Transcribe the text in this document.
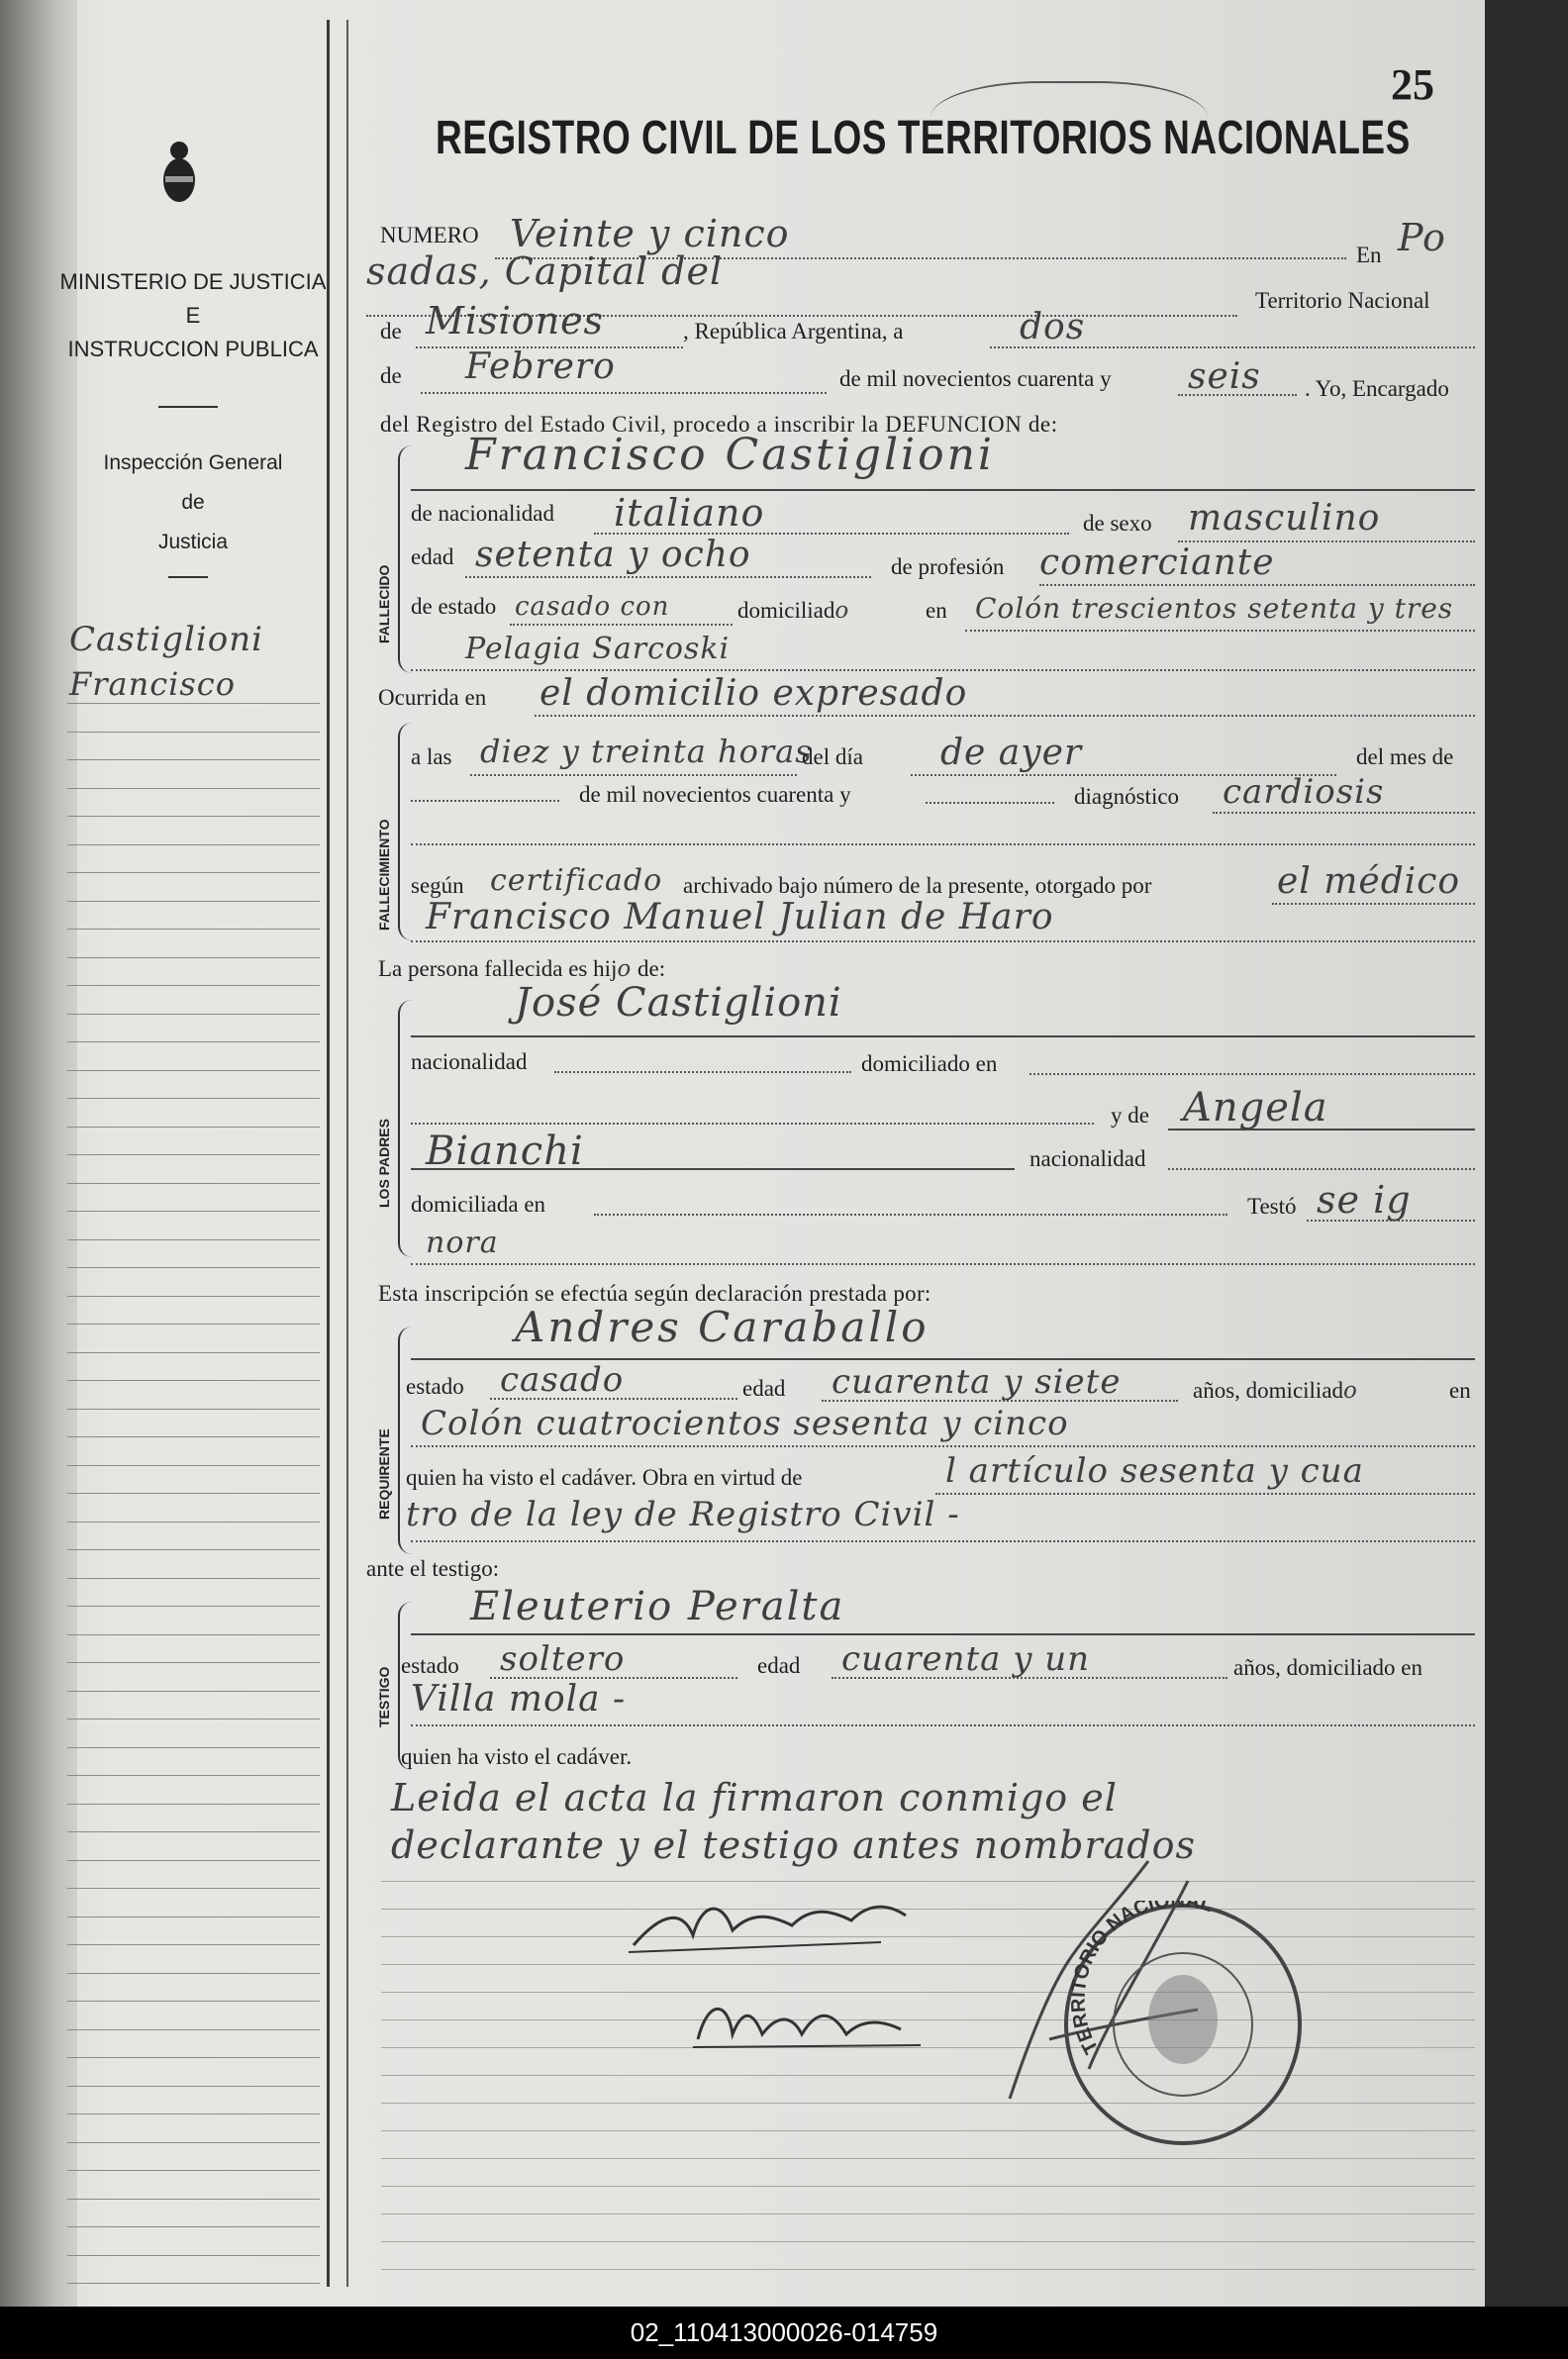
25
REGISTRO CIVIL DE LOS TERRITORIOS NACIONALES
MINISTERIO DE JUSTICIA
E
INSTRUCCION PUBLICA
Inspección General
de
Justicia
Castiglioni
Francisco
NUMERO Veinte y cinco	En Po
sadas, Capital del
Territorio Nacional
de Misiones	, República Argentina, a	dos
de Febrero	de mil novecientos cuarenta y seis . Yo, Encargado
del Registro del Estado Civil, procedo a inscribir la DEFUNCION de:
FALLECIDO
Francisco Castiglioni
de nacionalidad italiano	de sexo masculino
edad setenta y ocho	de profesión comerciante
de estado casado con	domiciliado	en Colón trescientos setenta y tres
Pelagia Sarcoski
Ocurrida en el domicilio expresado
FALLECIMIENTO
a las diez y treinta horas
del día de ayer	del mes de
de mil novecientos cuarenta y	diagnóstico cardiosis
según certificado archivado bajo número de la presente, otorgado por	el médico
Francisco Manuel Julian de Haro
La persona fallecida es hijo de:
LOS PADRES
José Castiglioni
nacionalidad	domiciliado en
y de Angela
Bianchi	nacionalidad
domiciliada en	Testó se ig
nora
Esta inscripción se efectúa según declaración prestada por:
REQUIRENTE
Andres Caraballo
estado casado	edad cuarenta y siete	años, domiciliado	en
Colón cuatrocientos sesenta y cinco
quien ha visto el cadáver. Obra en virtud de	l artículo sesenta y cua
tro de la ley de Registro Civil -
ante el testigo:
TESTIGO
Eleuterio Peralta
estado soltero	edad cuarenta y un	años, domiciliado en
Villa mola -
quien ha visto el cadáver.
Leida el acta la firmaron conmigo el
declarante y el testigo antes nombrados
TERRITORIO NACIO AL
02_110413000026-014759
